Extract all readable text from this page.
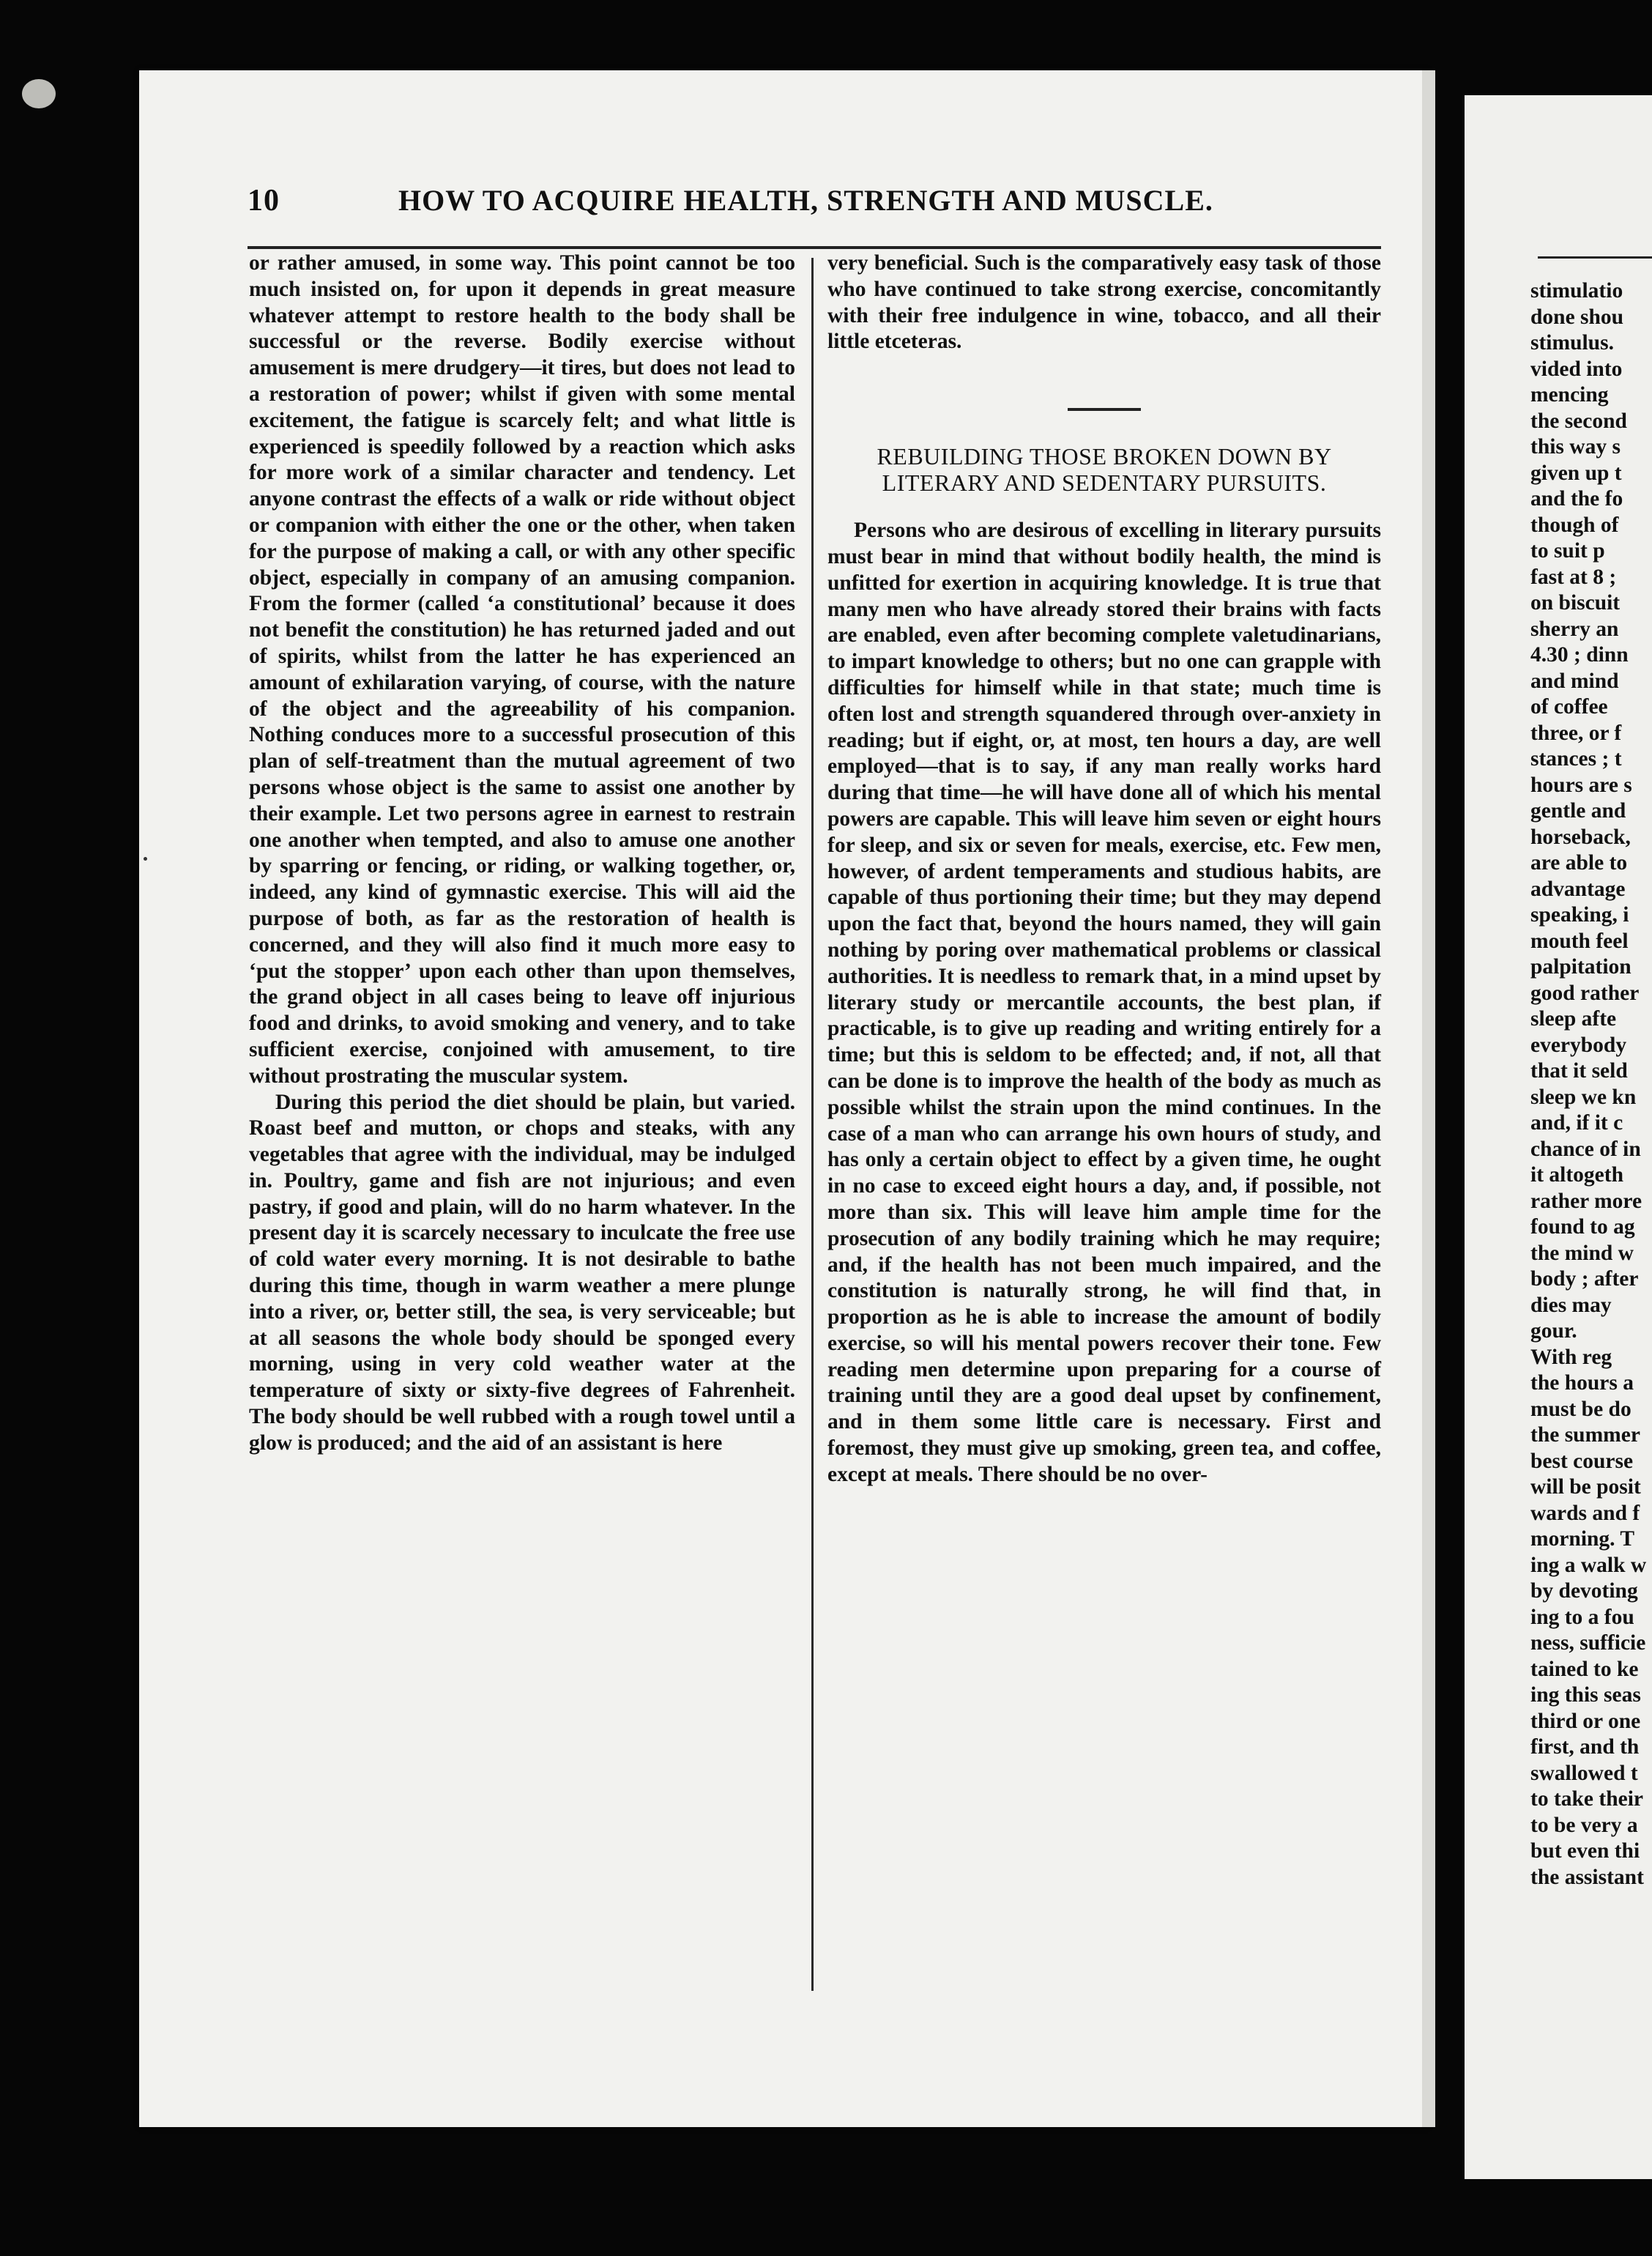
10	HOW TO ACQUIRE HEALTH, STRENGTH AND MUSCLE.

or rather amused, in some way. This point cannot be too much insisted on, for upon it depends in great measure whatever attempt to restore health to the body shall be successful or the reverse. Bodily exercise without amusement is mere drudgery—it tires, but does not lead to a restoration of power; whilst if given with some mental excitement, the fatigue is scarcely felt; and what little is experienced is speedily followed by a reaction which asks for more work of a similar character and tendency. Let anyone contrast the effects of a walk or ride without object or companion with either the one or the other, when taken for the purpose of making a call, or with any other specific object, especially in company of an amusing companion. From the former (called ‘a constitutional’ because it does not benefit the constitution) he has returned jaded and out of spirits, whilst from the latter he has experienced an amount of exhilaration varying, of course, with the nature of the object and the agreeability of his companion. Nothing conduces more to a successful prosecution of this plan of self-treatment than the mutual agreement of two persons whose object is the same to assist one another by their example. Let two persons agree in earnest to restrain one another when tempted, and also to amuse one another by sparring or fencing, or riding, or walking together, or, indeed, any kind of gymnastic exercise. This will aid the purpose of both, as far as the restoration of health is concerned, and they will also find it much more easy to ‘put the stopper’ upon each other than upon themselves, the grand object in all cases being to leave off injurious food and drinks, to avoid smoking and venery, and to take sufficient exercise, conjoined with amusement, to tire without prostrating the muscular system.

During this period the diet should be plain, but varied. Roast beef and mutton, or chops and steaks, with any vegetables that agree with the individual, may be indulged in. Poultry, game and fish are not injurious; and even pastry, if good and plain, will do no harm whatever. In the present day it is scarcely necessary to inculcate the free use of cold water every morning. It is not desirable to bathe during this time, though in warm weather a mere plunge into a river, or, better still, the sea, is very serviceable; but at all seasons the whole body should be sponged every morning, using in very cold weather water at the temperature of sixty or sixty-five degrees of Fahrenheit. The body should be well rubbed with a rough towel until a glow is produced; and the aid of an assistant is here

very beneficial. Such is the comparatively easy task of those who have continued to take strong exercise, concomitantly with their free indulgence in wine, tobacco, and all their little etceteras.

REBUILDING THOSE BROKEN DOWN BY LITERARY AND SEDENTARY PURSUITS.

Persons who are desirous of excelling in literary pursuits must bear in mind that without bodily health, the mind is unfitted for exertion in acquiring knowledge. It is true that many men who have already stored their brains with facts are enabled, even after becoming complete valetudinarians, to impart knowledge to others; but no one can grapple with difficulties for himself while in that state; much time is often lost and strength squandered through over-anxiety in reading; but if eight, or, at most, ten hours a day, are well employed—that is to say, if any man really works hard during that time—he will have done all of which his mental powers are capable. This will leave him seven or eight hours for sleep, and six or seven for meals, exercise, etc. Few men, however, of ardent temperaments and studious habits, are capable of thus portioning their time; but they may depend upon the fact that, beyond the hours named, they will gain nothing by poring over mathematical problems or classical authorities. It is needless to remark that, in a mind upset by literary study or mercantile accounts, the best plan, if practicable, is to give up reading and writing entirely for a time; but this is seldom to be effected; and, if not, all that can be done is to improve the health of the body as much as possible whilst the strain upon the mind continues. In the case of a man who can arrange his own hours of study, and has only a certain object to effect by a given time, he ought in no case to exceed eight hours a day, and, if possible, not more than six. This will leave him ample time for the prosecution of any bodily training which he may require; and, if the health has not been much impaired, and the constitution is naturally strong, he will find that, in proportion as he is able to increase the amount of bodily exercise, so will his mental powers recover their tone. Few reading men determine upon preparing for a course of training until they are a good deal upset by confinement, and in them some little care is necessary. First and foremost, they must give up smoking, green tea, and coffee, except at meals. There should be no over-

stimulatio
done shou
stimulus.
vided into
mencing
the second
this way s
given up t
and the fo
though of
to suit p
fast at 8 ;
on biscuit
sherry an
4.30 ; dinn
and mind
of coffee
three, or f
stances ; t
hours are s
gentle and
horseback,
are able to
advantage
speaking, i
mouth feel
palpitation
good rather
sleep afte
everybody
that it seld
sleep we kn
and, if it c
chance of in
it altogeth
rather more
found to ag
the mind w
body ; after
dies may
gour.
With reg
the hours a
must be do
the summer
best course
will be posit
wards and f
morning. T
ing a walk w
by devoting
ing to a fou
ness, sufficie
tained to ke
ing this seas
third or one
first, and th
swallowed t
to take their
to be very a
but even thi
the assistant
